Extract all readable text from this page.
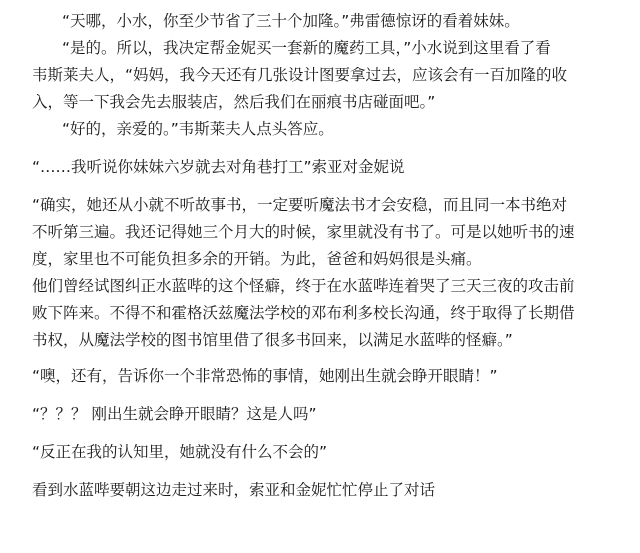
“天哪，小水，你至少节省了三十个加隆。”弗雷德惊讶的看着妹妹。
“是的。所以，我决定帮金妮买一套新的魔药工具，”小水说到这里看了看
韦斯莱夫人，“妈妈，我今天还有几张设计图要拿过去，应该会有一百加隆的收
入，等一下我会先去服装店，然后我们在丽痕书店碰面吧。”
“好的，亲爱的。”韦斯莱夫人点头答应。
“……我听说你妹妹六岁就去对角巷打工”索亚对金妮说
“确实，她还从小就不听故事书，一定要听魔法书才会安稳，而且同一本书绝对
不听第三遍。我还记得她三个月大的时候，家里就没有书了。可是以她听书的速
度，家里也不可能负担多余的开销。为此，爸爸和妈妈很是头痛。
他们曾经试图纠正水蓝哔的这个怪癖，终于在水蓝哔连着哭了三天三夜的攻击前
败下阵来。不得不和霍格沃兹魔法学校的邓布利多校长沟通，终于取得了长期借
书权，从魔法学校的图书馆里借了很多书回来，以满足水蓝哔的怪癖。”
“噢，还有，告诉你一个非常恐怖的事情，她刚出生就会睁开眼睛！”
“？？？ 刚出生就会睁开眼睛？这是人吗”
“反正在我的认知里，她就没有什么不会的”
看到水蓝哔要朝这边走过来时，索亚和金妮忙忙停止了对话
